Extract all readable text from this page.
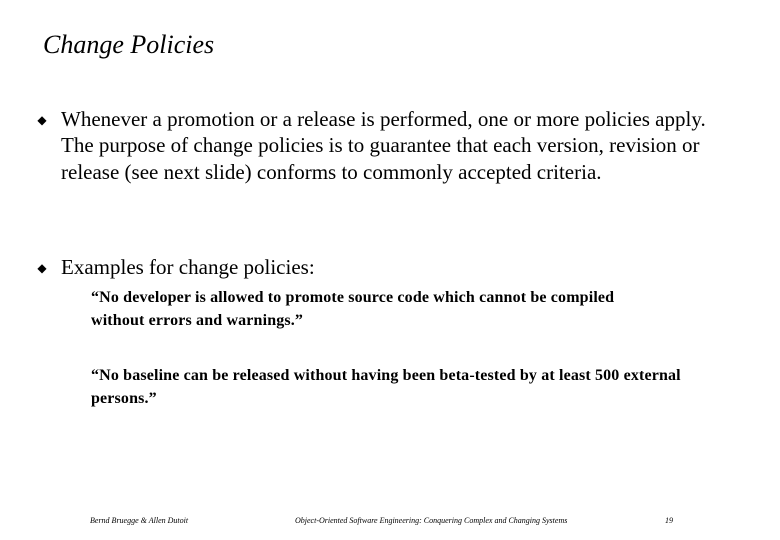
Change Policies
◆ Whenever a promotion or a release is performed, one or more policies apply. The purpose of change policies is to guarantee that each version, revision or release (see next slide) conforms to commonly accepted criteria.
◆ Examples for change policies:
“No developer is allowed to promote source code which cannot be compiled without errors and warnings.”
“No baseline can be released without having been beta-tested by at least 500 external persons.”
Bernd Bruegge & Allen Dutoit	Object-Oriented Software Engineering: Conquering Complex and Changing Systems	19
